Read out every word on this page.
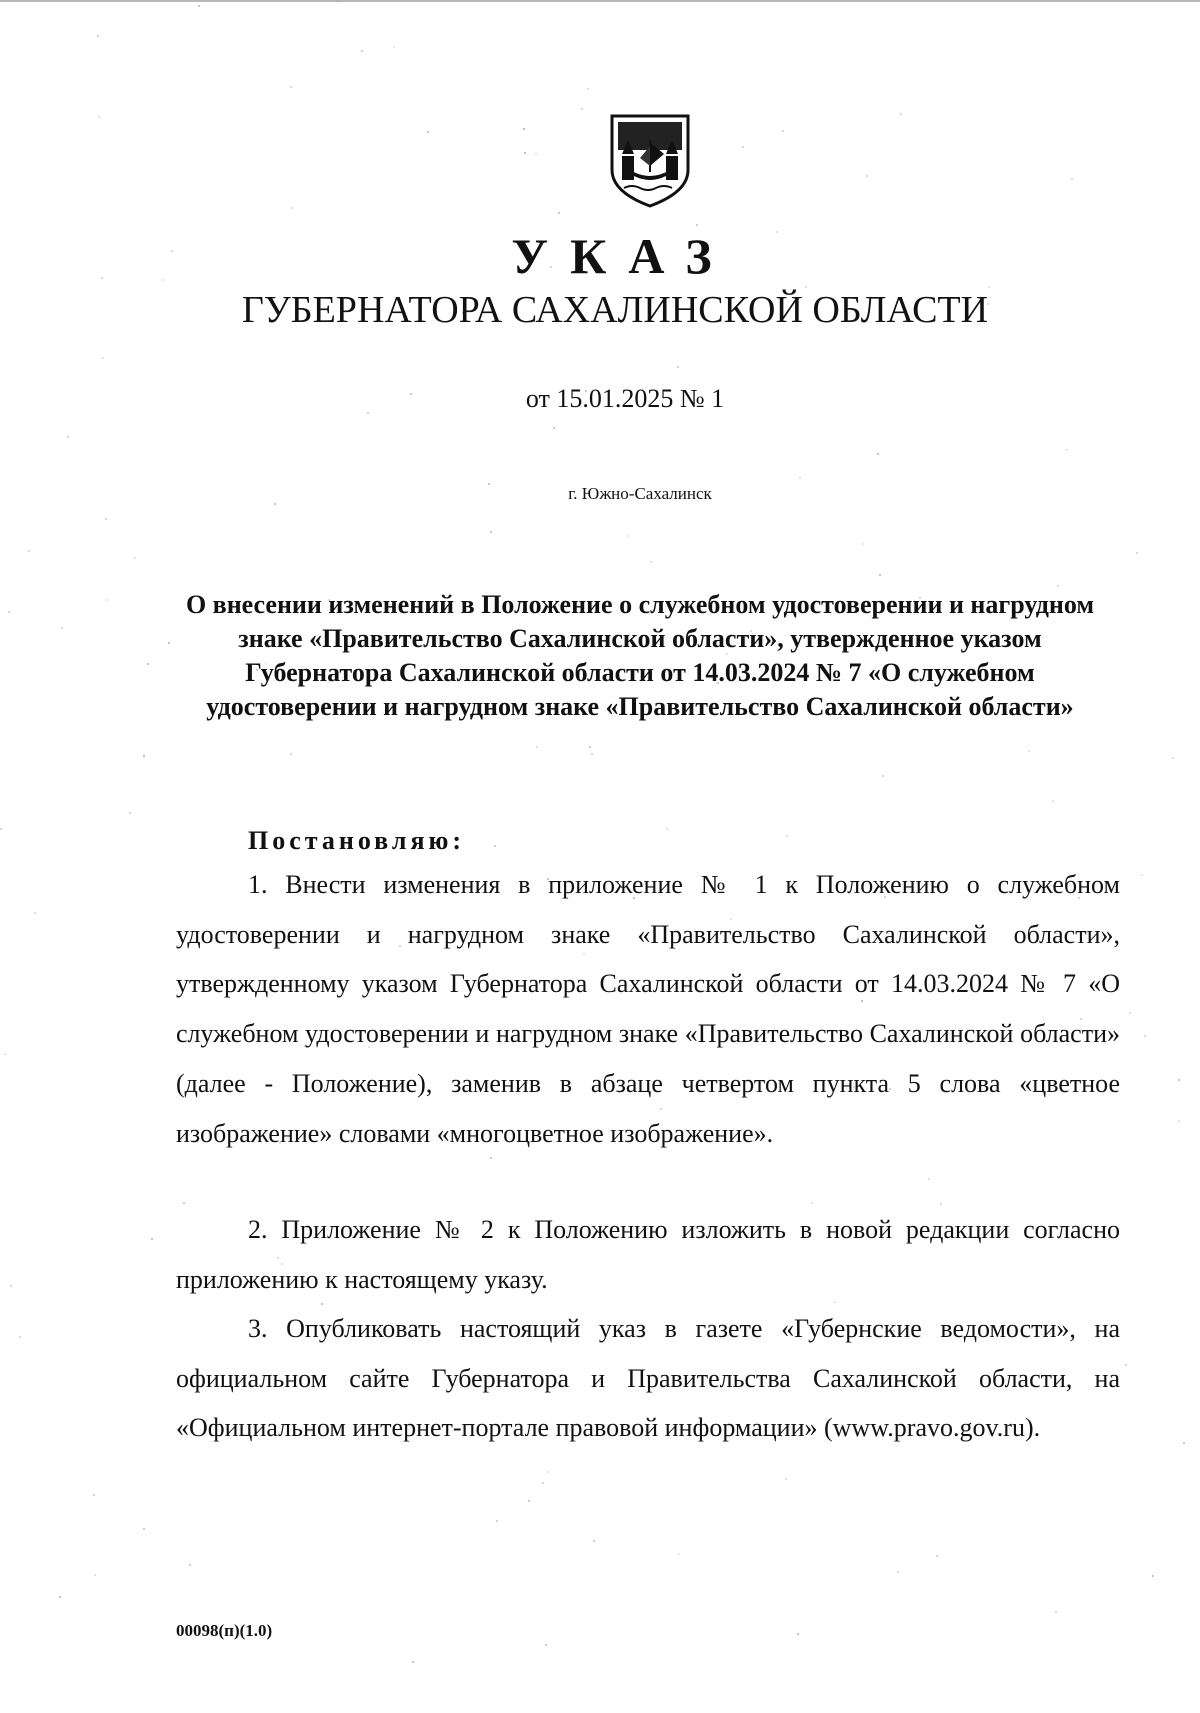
УКАЗ
ГУБЕРНАТОРА САХАЛИНСКОЙ ОБЛАСТИ
от 15.01.2025 № 1
г. Южно-Сахалинск
О внесении изменений в Положение о служебном удостоверении и нагрудном знаке «Правительство Сахалинской области», утвержденное указом Губернатора Сахалинской области от 14.03.2024 № 7 «О служебном удостоверении и нагрудном знаке «Правительство Сахалинской области»
Постановляю:

1. Внести изменения в приложение № 1 к Положению о служебном удостоверении и нагрудном знаке «Правительство Сахалинской области», утвержденному указом Губернатора Сахалинской области от 14.03.2024 № 7 «О служебном удостоверении и нагрудном знаке «Правительство Сахалинской области» (далее - Положение), заменив в абзаце четвертом пункта 5 слова «цветное изображение» словами «многоцветное изображение».

2. Приложение № 2 к Положению изложить в новой редакции согласно приложению к настоящему указу.

3. Опубликовать настоящий указ в газете «Губернские ведомости», на официальном сайте Губернатора и Правительства Сахалинской области, на «Официальном интернет-портале правовой информации» (www.pravo.gov.ru).

00098(п)(1.0)
